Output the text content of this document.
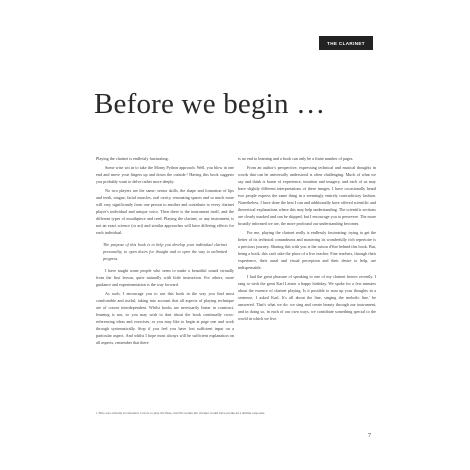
THE CLARINET
Before we begin …

Playing the clarinet is endlessly fascinating.

Some wise wit in to take the Monty Python approach. Well, you blow in one end and move your fingers up and down the outside.¹ Having this book suggests you probably want to delve rather more deeply.

No two players are the same: senior skills, the shape and formation of lips and teeth, tongue, facial muscles, oral cavity, resonating spaces and so much more will vary significantly from one person to another and contribute to every clarinet player's individual and unique voice. Then there is the instrument itself, and the different types of mouthpiece and reed. Playing the clarinet, or any instrument, is not an exact science (or art) and similar approaches will have differing effects for each individual.

The purpose of this book is to help you develop your individual clarinet personality, to open doors for thought and to open the way to unlimited progress.

I have taught some people who seem to make a beautiful sound virtually from the first lesson, quite naturally with little instruction. For others, more guidance and experimentation is the way forward.

As such, I encourage you to use this book in the way you find most comfortable and useful, taking into account that all aspects of playing technique are of course interdependent. Whilst books are necessarily linear in construct, learning is not, so you may wish to dart about the book continually cross-referencing ideas and exercises, or you may like to begin at page one and work through systematically. Stop if you feel you have lost sufficient input on a particular aspect. And whilst I hope most always will be sufficient explanation on all aspects, remember that there

is no end to learning and a book can only be a finite number of pages.

From an author's perspective, expressing technical and musical thoughts in words that can be universally understood is often challenging. Much of what we say and think is borne of experience, intuition and imagery, and each of us may have slightly different interpretations of these images. I have occasionally heard two people express the same thing in a seemingly entirely contradictory fashion. Nonetheless, I have done the best I can and additionally have offered scientific and theoretical explanations where this may help understanding. The scientific sections are clearly marked and can be skipped, but I encourage you to persevere. The more broadly informed we are, the more profound our understanding becomes.

For me, playing the clarinet really is endlessly fascinating: trying to get the better of its technical conundrums and mastering its wonderfully rich repertoire is a precious journey. Sharing this with you is the raison d'être behind this book. But, being a book, this can't take the place of a live teacher. Fine teachers, through their experience, their aural and visual perception and their desire to help, are indispensable.

I had the great pleasure of speaking to one of my clarinet heroes recently. I rang to wish the great Karl Leister a happy birthday. We spoke for a few minutes about the essence of clarinet playing. Is it possible to sum up your thoughts in a sentence, I asked Karl. It's all about the line, singing the melodic line.' he answered. That's what we do: we sing and create beauty through our instrument, and in doing so, in each of our own ways, we contribute something special to the world in which we live.

1 This was actually in reference to how to play the flute, but I'm certain the clarinet would have produced a similar response.
7
